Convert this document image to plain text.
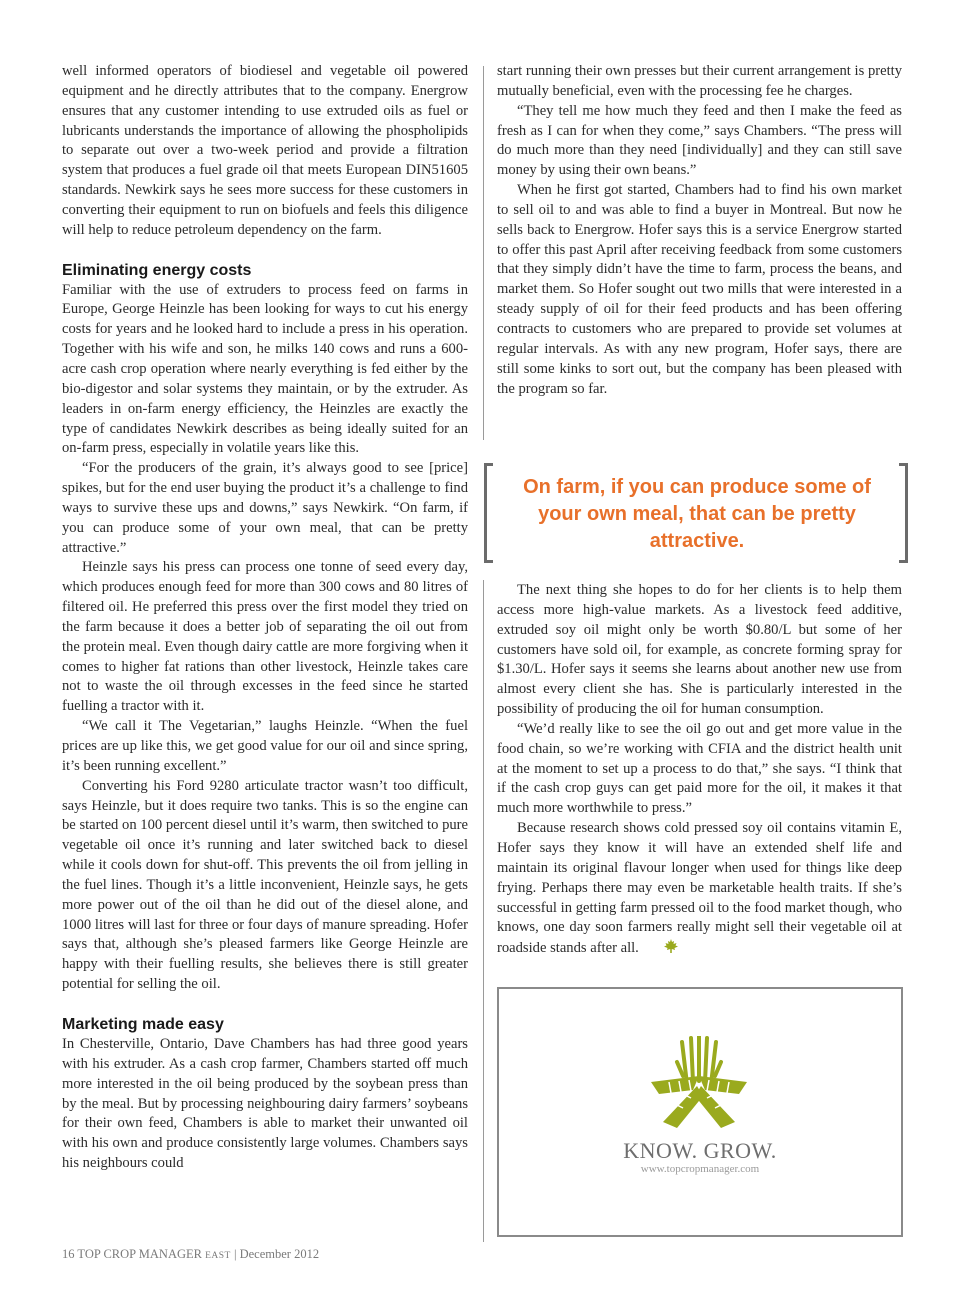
well informed operators of biodiesel and vegetable oil powered equipment and he directly attributes that to the company. Energrow ensures that any customer intending to use extruded oils as fuel or lubricants understands the importance of allowing the phospholipids to separate out over a two-week period and provide a filtration system that produces a fuel grade oil that meets European DIN51605 standards. Newkirk says he sees more success for these customers in converting their equipment to run on biofuels and feels this diligence will help to reduce petroleum dependency on the farm.

Eliminating energy costs

Familiar with the use of extruders to process feed on farms in Europe, George Heinzle has been looking for ways to cut his energy costs for years and he looked hard to include a press in his operation. Together with his wife and son, he milks 140 cows and runs a 600-acre cash crop operation where nearly everything is fed either by the bio-digestor and solar systems they maintain, or by the extruder. As leaders in on-farm energy efficiency, the Heinzles are exactly the type of candidates Newkirk describes as being ideally suited for an on-farm press, especially in volatile years like this.

“For the producers of the grain, it’s always good to see [price] spikes, but for the end user buying the product it’s a challenge to find ways to survive these ups and downs,” says Newkirk. “On farm, if you can produce some of your own meal, that can be pretty attractive.”

Heinzle says his press can process one tonne of seed every day, which produces enough feed for more than 300 cows and 80 litres of filtered oil. He preferred this press over the first model they tried on the farm because it does a better job of separating the oil out from the protein meal. Even though dairy cattle are more forgiving when it comes to higher fat rations than other livestock, Heinzle takes care not to waste the oil through excesses in the feed since he started fuelling a tractor with it.

“We call it The Vegetarian,” laughs Heinzle. “When the fuel prices are up like this, we get good value for our oil and since spring, it’s been running excellent.”

Converting his Ford 9280 articulate tractor wasn’t too difficult, says Heinzle, but it does require two tanks. This is so the engine can be started on 100 percent diesel until it’s warm, then switched to pure vegetable oil once it’s running and later switched back to diesel while it cools down for shut-off. This prevents the oil from jelling in the fuel lines. Though it’s a little inconvenient, Heinzle says, he gets more power out of the oil than he did out of the diesel alone, and 1000 litres will last for three or four days of manure spreading. Hofer says that, although she’s pleased farmers like George Heinzle are happy with their fuelling results, she believes there is still greater potential for selling the oil.

Marketing made easy

In Chesterville, Ontario, Dave Chambers has had three good years with his extruder. As a cash crop farmer, Chambers started off much more interested in the oil being produced by the soybean press than by the meal. But by processing neighbouring dairy farmers’ soybeans for their own feed, Chambers is able to market their unwanted oil with his own and produce consistently large volumes. Chambers says his neighbours could

start running their own presses but their current arrangement is pretty mutually beneficial, even with the processing fee he charges.

“They tell me how much they feed and then I make the feed as fresh as I can for when they come,” says Chambers. “The press will do much more than they need [individually] and they can still save money by using their own beans.”

When he first got started, Chambers had to find his own market to sell oil to and was able to find a buyer in Montreal. But now he sells back to Energrow. Hofer says this is a service Energrow started to offer this past April after receiving feedback from some customers that they simply didn’t have the time to farm, process the beans, and market them. So Hofer sought out two mills that were interested in a steady supply of oil for their feed products and has been offering contracts to customers who are prepared to provide set volumes at regular intervals. As with any new program, Hofer says, there are still some kinks to sort out, but the company has been pleased with the program so far.

On farm, if you can produce some of your own meal, that can be pretty attractive.

The next thing she hopes to do for her clients is to help them access more high-value markets. As a livestock feed additive, extruded soy oil might only be worth $0.80/L but some of her customers have sold oil, for example, as concrete forming spray for $1.30/L. Hofer says it seems she learns about another new use from almost every client she has. She is particularly interested in the possibility of producing the oil for human consumption.

“We’d really like to see the oil go out and get more value in the food chain, so we’re working with CFIA and the district health unit at the moment to set up a process to do that,” she says. “I think that if the cash crop guys can get paid more for the oil, it makes it that much more worthwhile to press.”

Because research shows cold pressed soy oil contains vitamin E, Hofer says they know it will have an extended shelf life and maintain its original flavour longer when used for things like deep frying. Perhaps there may even be marketable health traits. If she’s successful in getting farm pressed oil to the food market though, who knows, one day soon farmers really might sell their vegetable oil at roadside stands after all.

KNOW. GROW.
www.topcropmanager.com
16 TOP CROP MANAGER EAST | December 2012
